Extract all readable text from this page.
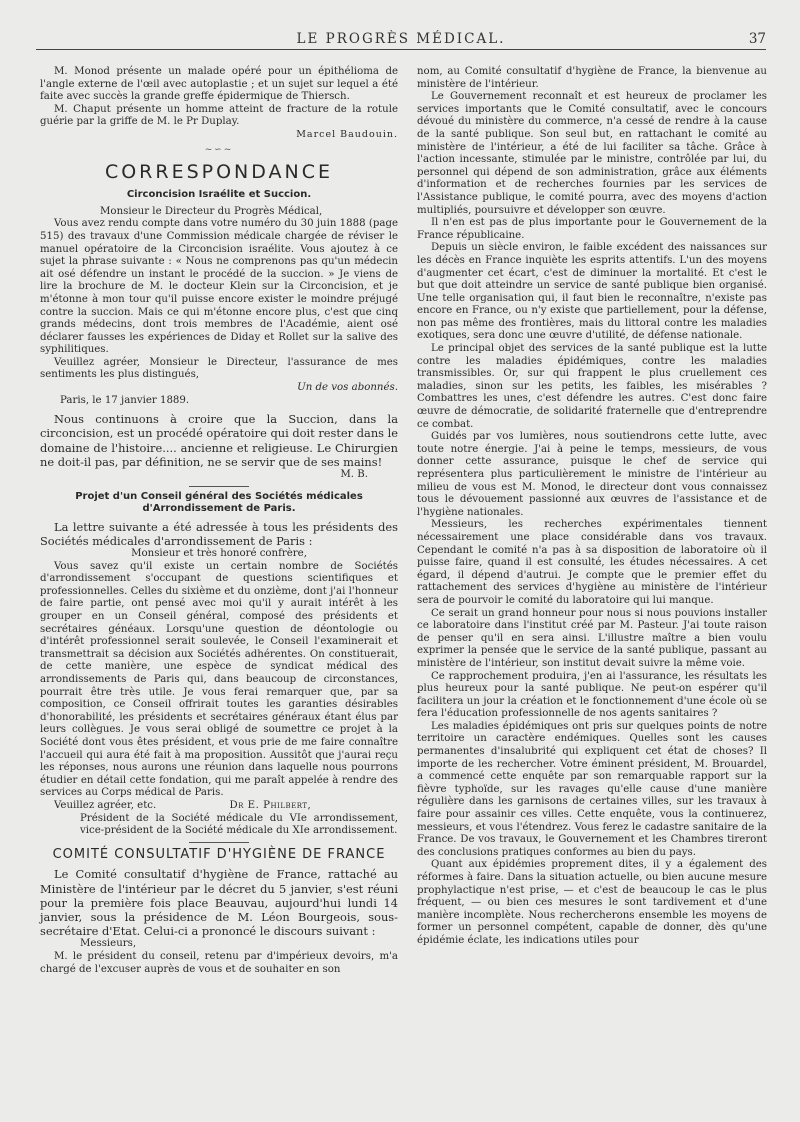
LE PROGRÈS MÉDICAL.	37

M. Monod présente un malade opéré pour un épithélioma de l'angle externe de l'œil avec autoplastie ; et un sujet sur lequel a été faite avec succès la grande greffe épidermique de Thiersch.

M. Chaput présente un homme atteint de fracture de la rotule guérie par la griffe de M. le Pr Duplay.

Marcel Baudouin.
~∽~
CORRESPONDANCE
Circoncision Israélite et Succion.

Monsieur le Directeur du Progrès Médical,

Vous avez rendu compte dans votre numéro du 30 juin 1888 (page 515) des travaux d'une Commission médicale chargée de réviser le manuel opératoire de la Circoncision israélite. Vous ajoutez à ce sujet la phrase suivante : « Nous ne comprenons pas qu'un médecin ait osé défendre un instant le procédé de la succion. » Je viens de lire la brochure de M. le docteur Klein sur la Circoncision, et je m'étonne à mon tour qu'il puisse encore exister le moindre préjugé contre la succion. Mais ce qui m'étonne encore plus, c'est que cinq grands médecins, dont trois membres de l'Académie, aient osé déclarer fausses les expériences de Diday et Rollet sur la salive des syphilitiques.

Veuillez agréer, Monsieur le Directeur, l'assurance de mes sentiments les plus distingués,

Un de vos abonnés.

Paris, le 17 janvier 1889.

Nous continuons à croire que la Succion, dans la circoncision, est un procédé opératoire qui doit rester dans le domaine de l'histoire.... ancienne et religieuse. Le Chirurgien ne doit-il pas, par définition, ne se servir que de ses mains!

M. B.
Projet d'un Conseil général des Sociétés médicales d'Arrondissement de Paris.

La lettre suivante a été adressée à tous les présidents des Sociétés médicales d'arrondissement de Paris :

Monsieur et très honoré confrère,

Vous savez qu'il existe un certain nombre de Sociétés d'arrondissement s'occupant de questions scientifiques et professionnelles. Celles du sixième et du onzième, dont j'ai l'honneur de faire partie, ont pensé avec moi qu'il y aurait intérêt à les grouper en un Conseil général, composé des présidents et secrétaires généaux. Lorsqu'une question de déontologie ou d'intérêt professionnel serait soulevée, le Conseil l'examinerait et transmettrait sa décision aux Sociétés adhérentes. On constituerait, de cette manière, une espèce de syndicat médical des arrondissements de Paris qui, dans beaucoup de circonstances, pourrait être très utile. Je vous ferai remarquer que, par sa composition, ce Conseil offrirait toutes les garanties désirables d'honorabilité, les présidents et secrétaires généraux étant élus par leurs collègues. Je vous serai obligé de soumettre ce projet à la Société dont vous êtes président, et vous prie de me faire connaître l'accueil qui aura été fait à ma proposition. Aussitôt que j'aurai reçu les réponses, nous aurons une réunion dans laquelle nous pourrons étudier en détail cette fondation, qui me paraît appelée à rendre des services au Corps médical de Paris.

Veuillez agréer, etc.	Dr E. Philbert,

Président de la Société médicale du VIe arrondissement, vice-président de la Société médicale du XIe arrondissement.

COMITÉ CONSULTATIF D'HYGIÈNE DE FRANCE

Le Comité consultatif d'hygiène de France, rattaché au Ministère de l'intérieur par le décret du 5 janvier, s'est réuni pour la première fois place Beauvau, aujourd'hui lundi 14 janvier, sous la présidence de M. Léon Bourgeois, sous-secrétaire d'Etat. Celui-ci a prononcé le discours suivant :

Messieurs,

M. le président du conseil, retenu par d'impérieux devoirs, m'a chargé de l'excuser auprès de vous et de souhaiter en son

nom, au Comité consultatif d'hygiène de France, la bienvenue au ministère de l'intérieur.

Le Gouvernement reconnaît et est heureux de proclamer les services importants que le Comité consultatif, avec le concours dévoué du ministère du commerce, n'a cessé de rendre à la cause de la santé publique. Son seul but, en rattachant le comité au ministère de l'intérieur, a été de lui faciliter sa tâche. Grâce à l'action incessante, stimulée par le ministre, contrôlée par lui, du personnel qui dépend de son administration, grâce aux éléments d'information et de recherches fournies par les services de l'Assistance publique, le comité pourra, avec des moyens d'action multipliés, poursuivre et développer son œuvre.

Il n'en est pas de plus importante pour le Gouvernement de la France républicaine.

Depuis un siècle environ, le faible excédent des naissances sur les décès en France inquiète les esprits attentifs. L'un des moyens d'augmenter cet écart, c'est de diminuer la mortalité. Et c'est le but que doit atteindre un service de santé publique bien organisé. Une telle organisation qui, il faut bien le reconnaître, n'existe pas encore en France, ou n'y existe que partiellement, pour la défense, non pas même des frontières, mais du littoral contre les maladies exotiques, sera donc une œuvre d'utilité, de défense nationale.

Le principal objet des services de la santé publique est la lutte contre les maladies épidémiques, contre les maladies transmissibles. Or, sur qui frappent le plus cruellement ces maladies, sinon sur les petits, les faibles, les misérables ? Combattres les unes, c'est défendre les autres. C'est donc faire œuvre de démocratie, de solidarité fraternelle que d'entreprendre ce combat.

Guidés par vos lumières, nous soutiendrons cette lutte, avec toute notre énergie. J'ai à peine le temps, messieurs, de vous donner cette assurance, puisque le chef de service qui représentera plus particulièrement le ministre de l'intérieur au milieu de vous est M. Monod, le directeur dont vous connaissez tous le dévouement passionné aux œuvres de l'assistance et de l'hygiène nationales.

Messieurs, les recherches expérimentales tiennent nécessairement une place considérable dans vos travaux. Cependant le comité n'a pas à sa disposition de laboratoire où il puisse faire, quand il est consulté, les études nécessaires. A cet égard, il dépend d'autrui. Je compte que le premier effet du rattachement des services d'hygiène au ministère de l'intérieur sera de pourvoir le comité du laboratoire qui lui manque.

Ce serait un grand honneur pour nous si nous pouvions installer ce laboratoire dans l'institut créé par M. Pasteur. J'ai toute raison de penser qu'il en sera ainsi. L'illustre maître a bien voulu exprimer la pensée que le service de la santé publique, passant au ministère de l'intérieur, son institut devait suivre la même voie.

Ce rapprochement produira, j'en ai l'assurance, les résultats les plus heureux pour la santé publique. Ne peut-on espérer qu'il facilitera un jour la création et le fonctionnement d'une école où se fera l'éducation professionnelle de nos agents sanitaires ?

Les maladies épidémiques ont pris sur quelques points de notre territoire un caractère endémiques. Quelles sont les causes permanentes d'insalubrité qui expliquent cet état de choses? Il importe de les rechercher. Votre éminent président, M. Brouardel, a commencé cette enquête par son remarquable rapport sur la fièvre typhoïde, sur les ravages qu'elle cause d'une manière régulière dans les garnisons de certaines villes, sur les travaux à faire pour assainir ces villes. Cette enquête, vous la continuerez, messieurs, et vous l'étendrez. Vous ferez le cadastre sanitaire de la France. De vos travaux, le Gouvernement et les Chambres tireront des conclusions pratiques conformes au bien du pays.

Quant aux épidémies proprement dites, il y a également des réformes à faire. Dans la situation actuelle, ou bien aucune mesure prophylactique n'est prise, — et c'est de beaucoup le cas le plus fréquent, — ou bien ces mesures le sont tardivement et d'une manière incomplète. Nous rechercherons ensemble les moyens de former un personnel compétent, capable de donner, dès qu'une épidémie éclate, les indications utiles pour
